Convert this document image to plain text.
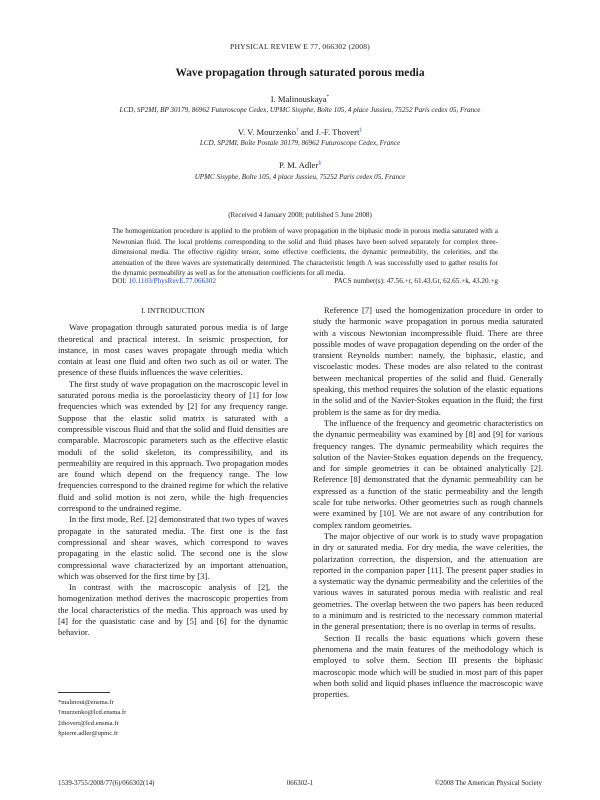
PHYSICAL REVIEW E 77, 066302 (2008)
Wave propagation through saturated porous media
I. Malinouskaya*
LCD, SP2MI, BP 30179, 86962 Futuroscope Cedex, UPMC Sisyphe, Boîte 105, 4 place Jussieu, 75252 Paris cedex 05, France
V. V. Mourzenko† and J.-F. Thovert‡
LCD, SP2MI, Boîte Postale 30179, 86962 Futuroscope Cedex, France
P. M. Adler§
UPMC Sisyphe, Boîte 105, 4 place Jussieu, 75252 Paris cedex 05, France
(Received 4 January 2008; published 5 June 2008)
The homogenization procedure is applied to the problem of wave propagation in the biphasic mode in porous media saturated with a Newtonian fluid. The local problems corresponding to the solid and fluid phases have been solved separately for complex three-dimensional media. The effective rigidity tensor, some effective coefficients, the dynamic permeability, the celerities, and the attenuation of the three waves are systematically determined. The characteristic length Λ was successfully used to gather results for the dynamic permeability as well as for the attenuation coefficients for all media.
DOI: 10.1103/PhysRevE.77.066302	PACS number(s): 47.56.+r, 61.43.Gt, 62.65.+k, 43.20.+g
I. INTRODUCTION

Wave propagation through saturated porous media is of large theoretical and practical interest. In seismic prospection, for instance, in most cases waves propagate through media which contain at least one fluid and often two such as oil or water. The presence of these fluids influences the wave celerities.

The first study of wave propagation on the macroscopic level in saturated porous media is the poroelasticity theory of [1] for low frequencies which was extended by [2] for any frequency range. Suppose that the elastic solid matrix is saturated with a compressible viscous fluid and that the solid and fluid densities are comparable. Macroscopic parameters such as the effective elastic moduli of the solid skeleton, its compressibility, and its permeability are required in this approach. Two propagation modes are found which depend on the frequency range. The low frequencies correspond to the drained regime for which the relative fluid and solid motion is not zero, while the high frequencies correspond to the undrained regime.

In the first mode, Ref. [2] demonstrated that two types of waves propagate in the saturated media. The first one is the fast compressional and shear waves, which correspond to waves propagating in the elastic solid. The second one is the slow compressional wave characterized by an important attenuation, which was observed for the first time by [3].

In contrast with the macroscopic analysis of [2], the homogenization method derives the macroscopic properties from the local characteristics of the media. This approach was used by [4] for the quasistatic case and by [5] and [6] for the dynamic behavior.

Reference [7] used the homogenization procedure in order to study the harmonic wave propagation in porous media saturated with a viscous Newtonian incompressible fluid. There are three possible modes of wave propagation depending on the order of the transient Reynolds number: namely, the biphasic, elastic, and viscoelastic modes. These modes are also related to the contrast between mechanical properties of the solid and fluid. Generally speaking, this method requires the solution of the elastic equations in the solid and of the Navier-Stokes equation in the fluid; the first problem is the same as for dry media.

The influence of the frequency and geometric characteristics on the dynamic permeability was examined by [8] and [9] for various frequency ranges. The dynamic permeability which requires the solution of the Navier-Stokes equation depends on the frequency, and for simple geometries it can be obtained analytically [2]. Reference [8] demonstrated that the dynamic permeability can be expressed as a function of the static permeability and the length scale for tube networks. Other geometries such as rough channels were examined by [10]. We are not aware of any contribution for complex random geometries.

The major objective of our work is to study wave propagation in dry or saturated media. For dry media, the wave celerities, the polarization correction, the dispersion, and the attenuation are reported in the companion paper [11]. The present paper studies in a systematic way the dynamic permeability and the celerities of the various waves in saturated porous media with realistic and real geometries. The overlap between the two papers has been reduced to a minimum and is restricted to the necessary common material in the general presentation; there is no overlap in terms of results.

Section II recalls the basic equations which govern these phenomena and the main features of the methodology which is employed to solve them. Section III presents the biphasic macroscopic mode which will be studied in most part of this paper when both solid and liquid phases influence the macroscopic wave properties.

*malinoui@ensma.fr
†murzenko@lcd.ensma.fr
‡thovert@lcd.ensma.fr
§pierre.adler@upmc.fr
1539-3755/2008/77(6)/066302(14)	066302-1	©2008 The American Physical Society
